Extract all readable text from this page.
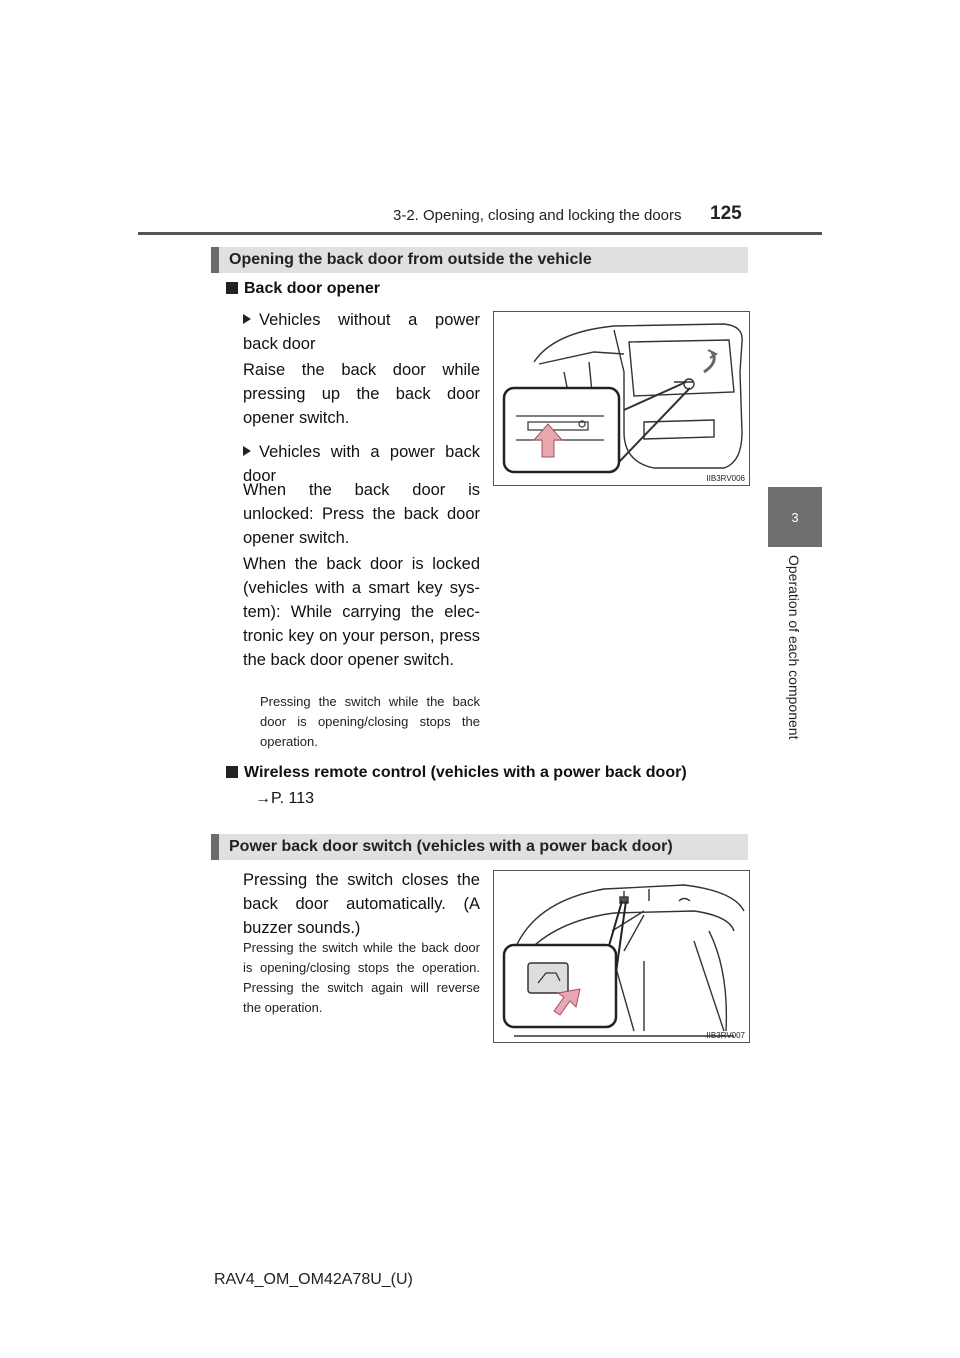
3-2. Opening, closing and locking the doors 125
3
Operation of each component
Opening the back door from outside the vehicle
Back door opener
Vehicles without a power back door
Raise the back door while pressing up the back door opener switch.
Vehicles with a power back door
When the back door is unlocked: Press the back door opener switch.
When the back door is locked (vehicles with a smart key sys-tem): While carrying the elec-tronic key on your person, press the back door opener switch.
Pressing the switch while the back door is opening/closing stops the operation.
IIB3RV006
Wireless remote control (vehicles with a power back door)
→P. 113
Power back door switch (vehicles with a power back door)
Pressing the switch closes the back door automatically. (A buzzer sounds.)
Pressing the switch while the back door is opening/closing stops the operation. Pressing the switch again will reverse the operation.
IIB3RV007
RAV4_OM_OM42A78U_(U)
